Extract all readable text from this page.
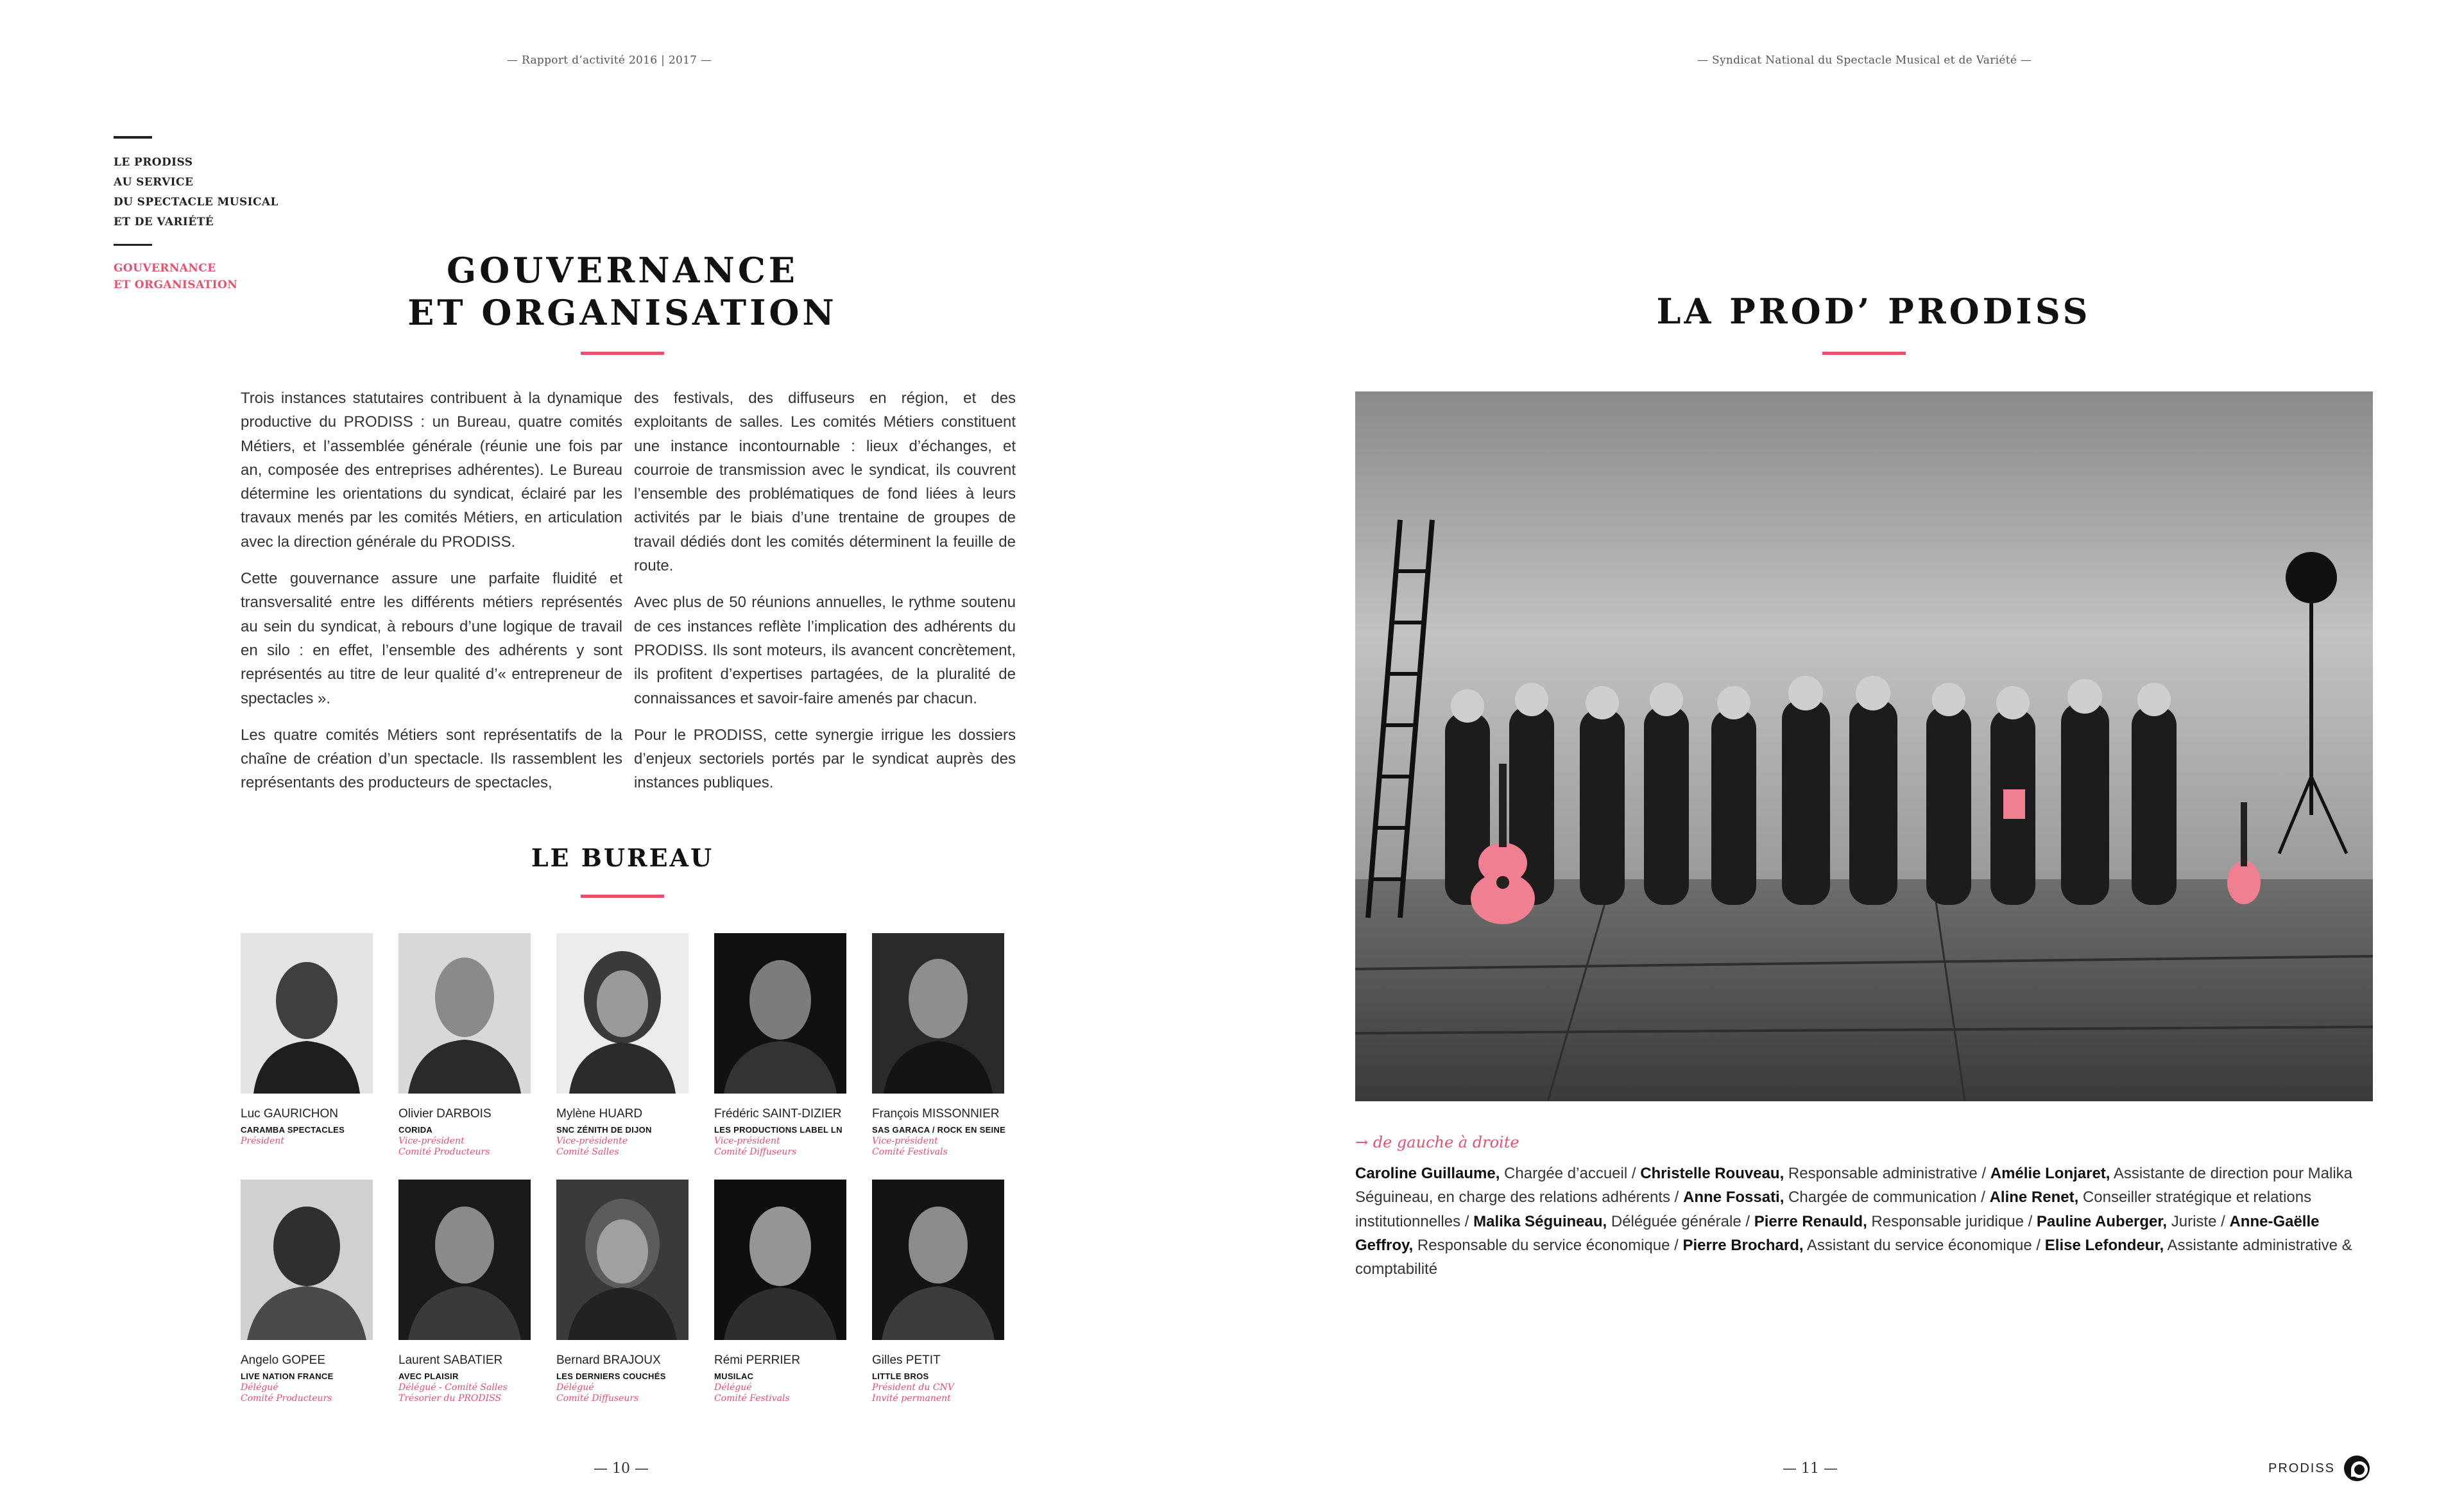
— Rapport d’activité 2016 | 2017 —
LE PRODISS
AU SERVICE
DU SPECTACLE MUSICAL
ET DE VARIÉTÉ
GOUVERNANCE
ET ORGANISATION	GOUVERNANCE
ET ORGANISATION

Trois instances statutaires contribuent à la dynamique productive du PRODISS : un Bureau, quatre comités Métiers, et l’assemblée générale (réunie une fois par an, composée des entreprises adhérentes). Le Bureau détermine les orientations du syndicat, éclairé par les travaux menés par les comités Métiers, en articulation avec la direction générale du PRODISS.

Cette gouvernance assure une parfaite fluidité et transversalité entre les différents métiers représentés au sein du syndicat, à rebours d’une logique de travail en silo : en effet, l’ensemble des adhérents y sont représentés au titre de leur qualité d’« entrepreneur de spectacles ».

Les quatre comités Métiers sont représentatifs de la chaîne de création d’un spectacle. Ils rassemblent les représentants des producteurs de spectacles,

des festivals, des diffuseurs en région, et des exploitants de salles. Les comités Métiers constituent une instance incontournable : lieux d’échanges, et courroie de transmission avec le syndicat, ils couvrent l’ensemble des problématiques de fond liées à leurs activités par le biais d’une trentaine de groupes de travail dédiés dont les comités déterminent la feuille de route.

Avec plus de 50 réunions annuelles, le rythme soutenu de ces instances reflète l’implication des adhérents du PRODISS. Ils sont moteurs, ils avancent concrètement, ils profitent d’expertises partagées, de la pluralité de connaissances et savoir-faire amenés par chacun.

Pour le PRODISS, cette synergie irrigue les dossiers d’enjeux sectoriels portés par le syndicat auprès des instances publiques.

LE BUREAU
Luc GAURICHON
CARAMBA SPECTACLES
Président
Olivier DARBOIS
CORIDA
Vice-président
Comité Producteurs
Mylène HUARD
SNC ZÉNITH DE DIJON
Vice-présidente
Comité Salles
Frédéric SAINT-DIZIER
LES PRODUCTIONS LABEL LN
Vice-président
Comité Diffuseurs
François MISSONNIER
SAS GARACA / ROCK EN SEINE
Vice-président
Comité Festivals
Angelo GOPEE
LIVE NATION FRANCE
Délégué
Comité Producteurs
Laurent SABATIER
AVEC PLAISIR
Délégué - Comité Salles
Trésorier du PRODISS
Bernard BRAJOUX
LES DERNIERS COUCHÉS
Délégué
Comité Diffuseurs
Rémi PERRIER
MUSILAC
Délégué
Comité Festivals
Gilles PETIT
LITTLE BROS
Président du CNV
Invité permanent
— 10 —
— Syndicat National du Spectacle Musical et de Variété —
LA PROD’ PRODISS
→ de gauche à droite
Caroline Guillaume, Chargée d’accueil / Christelle Rouveau, Responsable administrative / Amélie Lonjaret, Assistante de direction pour Malika Séguineau, en charge des relations adhérents / Anne Fossati, Chargée de communication / Aline Renet, Conseiller stratégique et relations institutionnelles / Malika Séguineau, Déléguée générale / Pierre Renauld, Responsable juridique / Pauline Auberger, Juriste / Anne-Gaëlle Geffroy, Responsable du service économique / Pierre Brochard, Assistant du service économique / Elise Lefondeur, Assistante administrative & comptabilité
— 11 —	PRODISS
